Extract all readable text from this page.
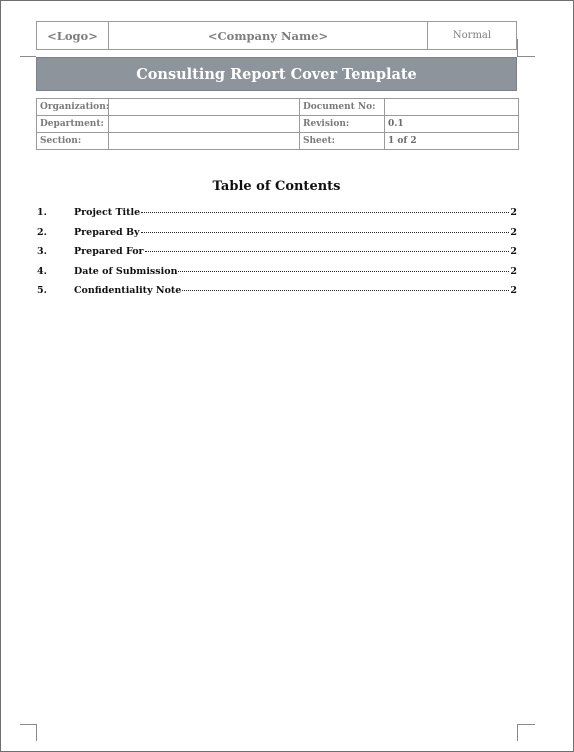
<Logo>	<Company Name>	Normal
Consulting Report Cover Template
Organization:		Document No:	
Department:		Revision:	0.1
Section:		Sheet:	1 of 2
Table of Contents
1.	Project Title	2
2.	Prepared By	2
3.	Prepared For	2
4.	Date of Submission	2
5.	Confidentiality Note	2
